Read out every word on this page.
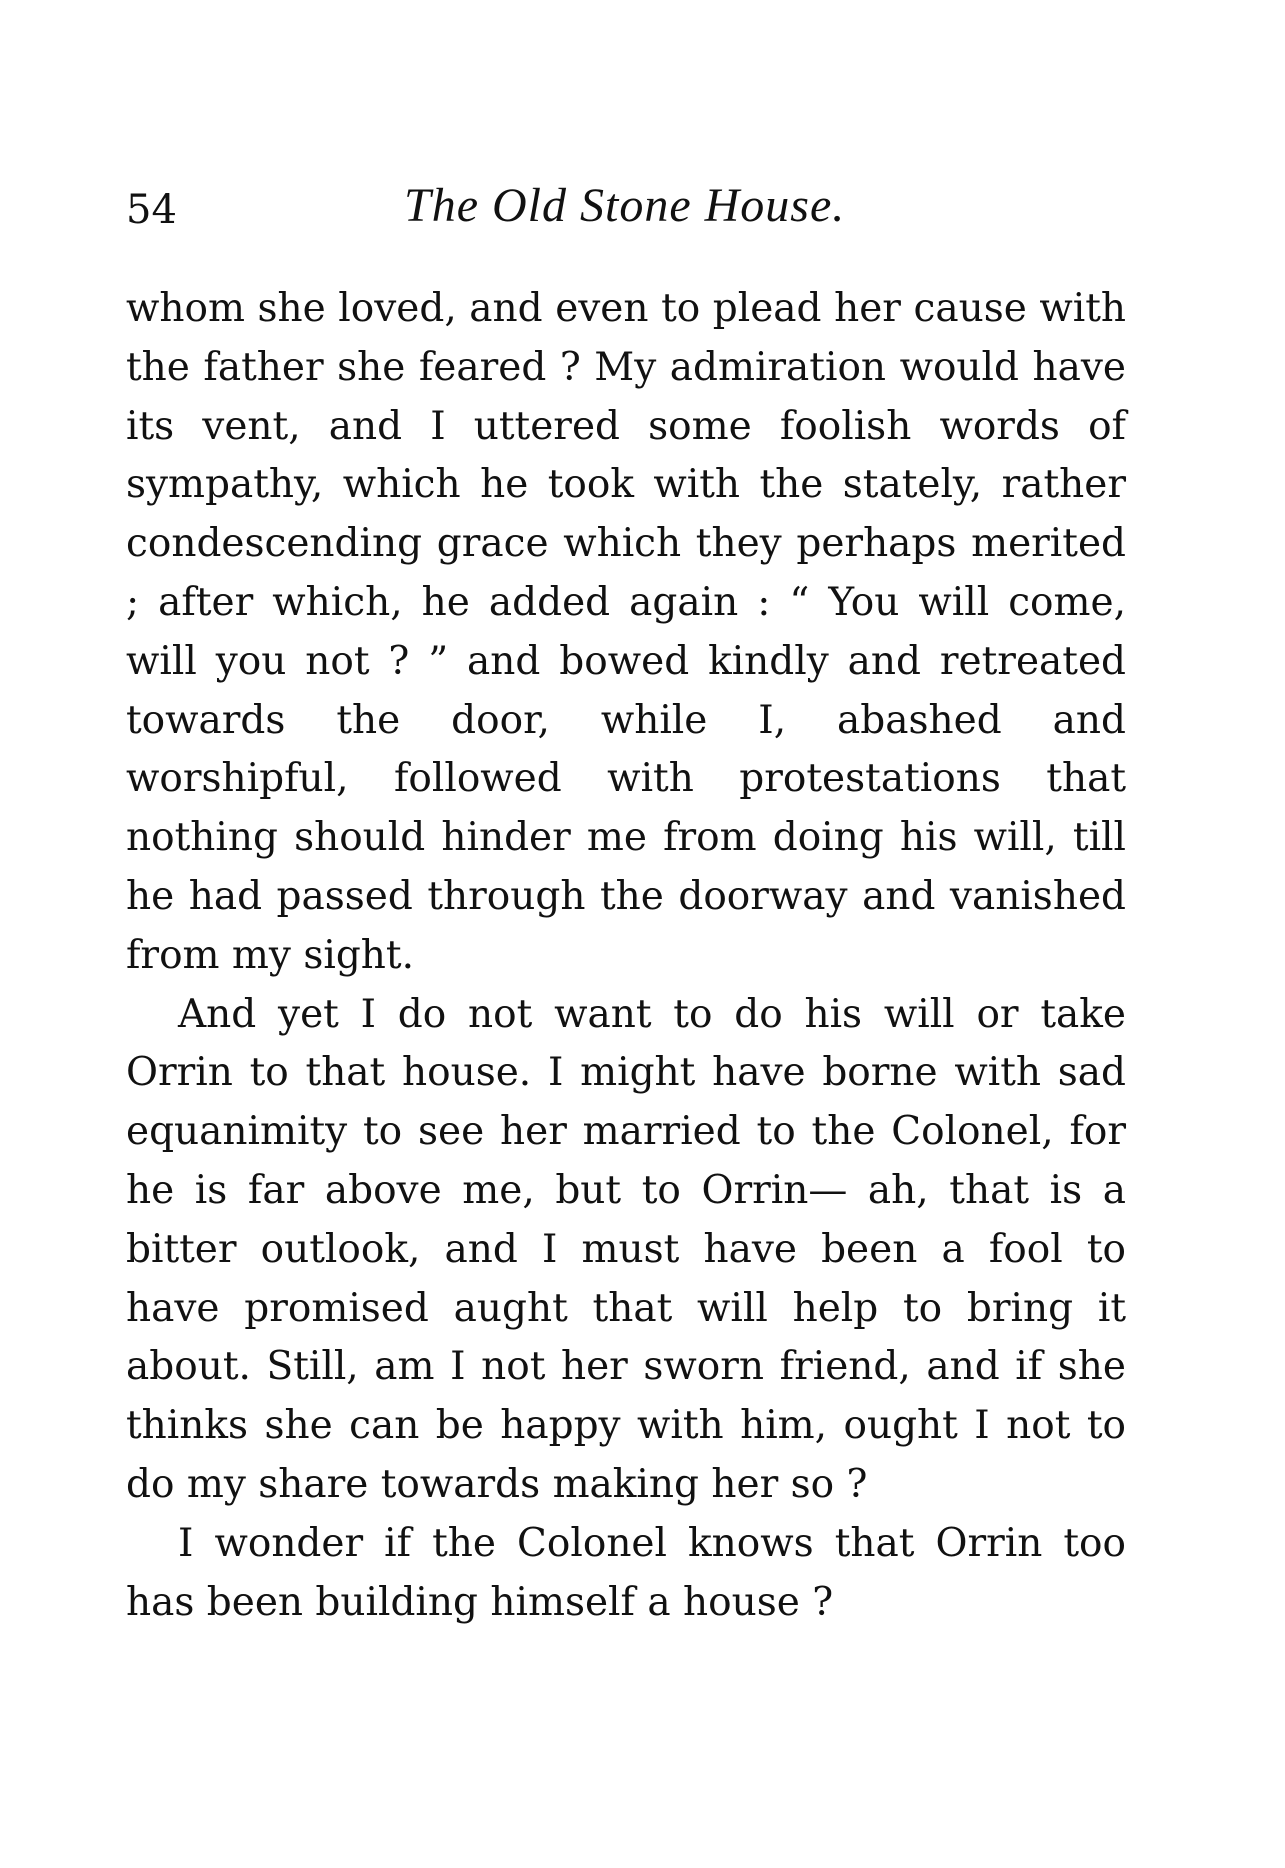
54	The Old Stone House.

whom she loved, and even to plead her cause with the father she feared ? My admiration would have its vent, and I uttered some foolish words of sympathy, which he took with the stately, rather condescending grace which they perhaps merited ; after which, he added again : “ You will come, will you not ? ” and bowed kindly and retreated towards the door, while I, abashed and worshipful, followed with protestations that nothing should hinder me from doing his will, till he had passed through the doorway and vanished from my sight.

And yet I do not want to do his will or take Orrin to that house. I might have borne with sad equanimity to see her married to the Colonel, for he is far above me, but to Orrin— ah, that is a bitter outlook, and I must have been a fool to have promised aught that will help to bring it about. Still, am I not her sworn friend, and if she thinks she can be happy with him, ought I not to do my share towards making her so ?

I wonder if the Colonel knows that Orrin too has been building himself a house ?
